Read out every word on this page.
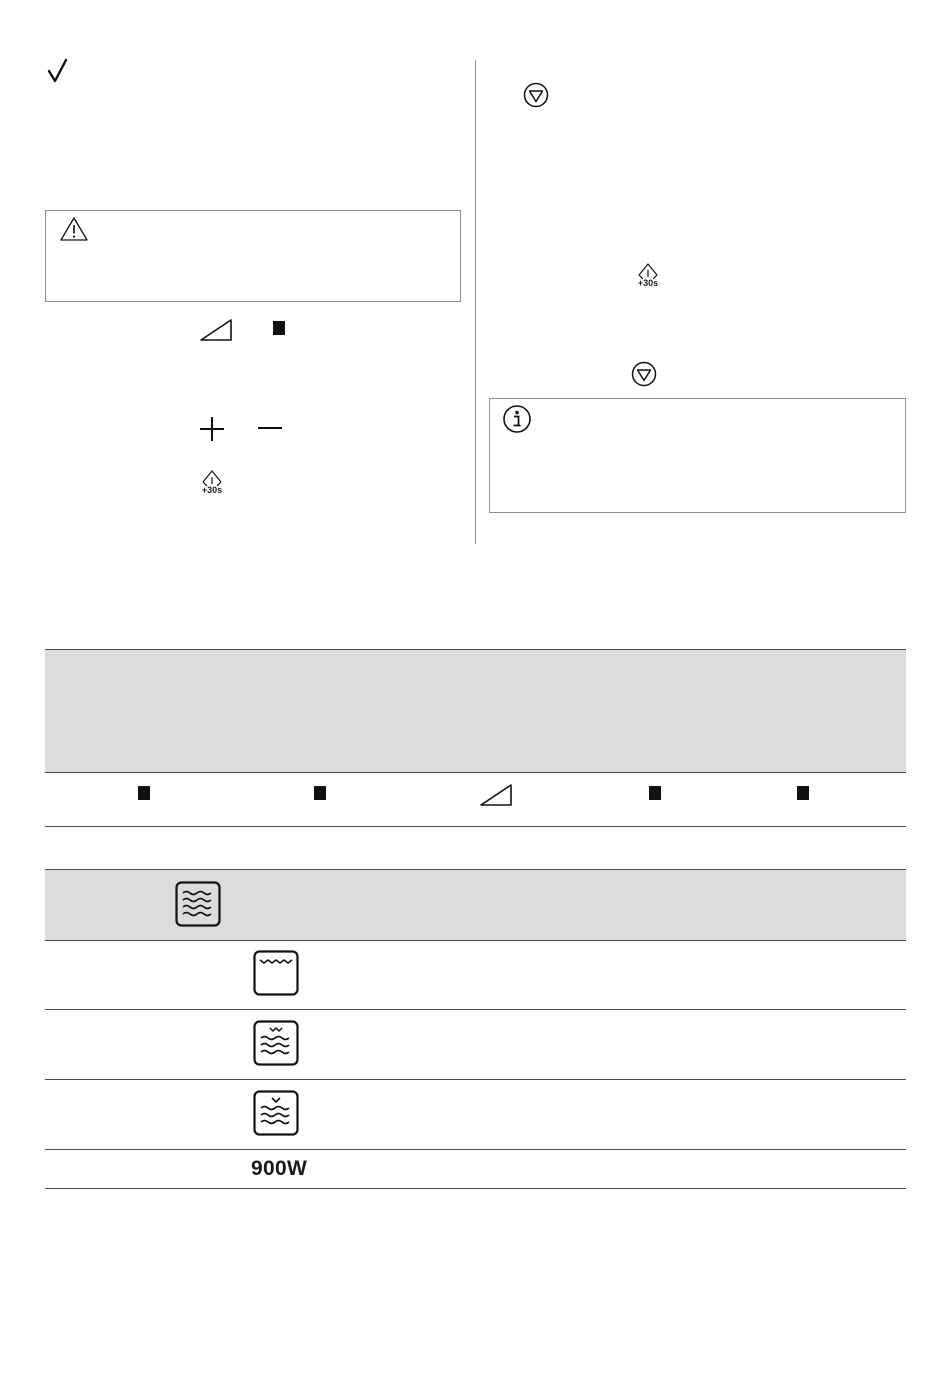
+30s
+30s
900W
